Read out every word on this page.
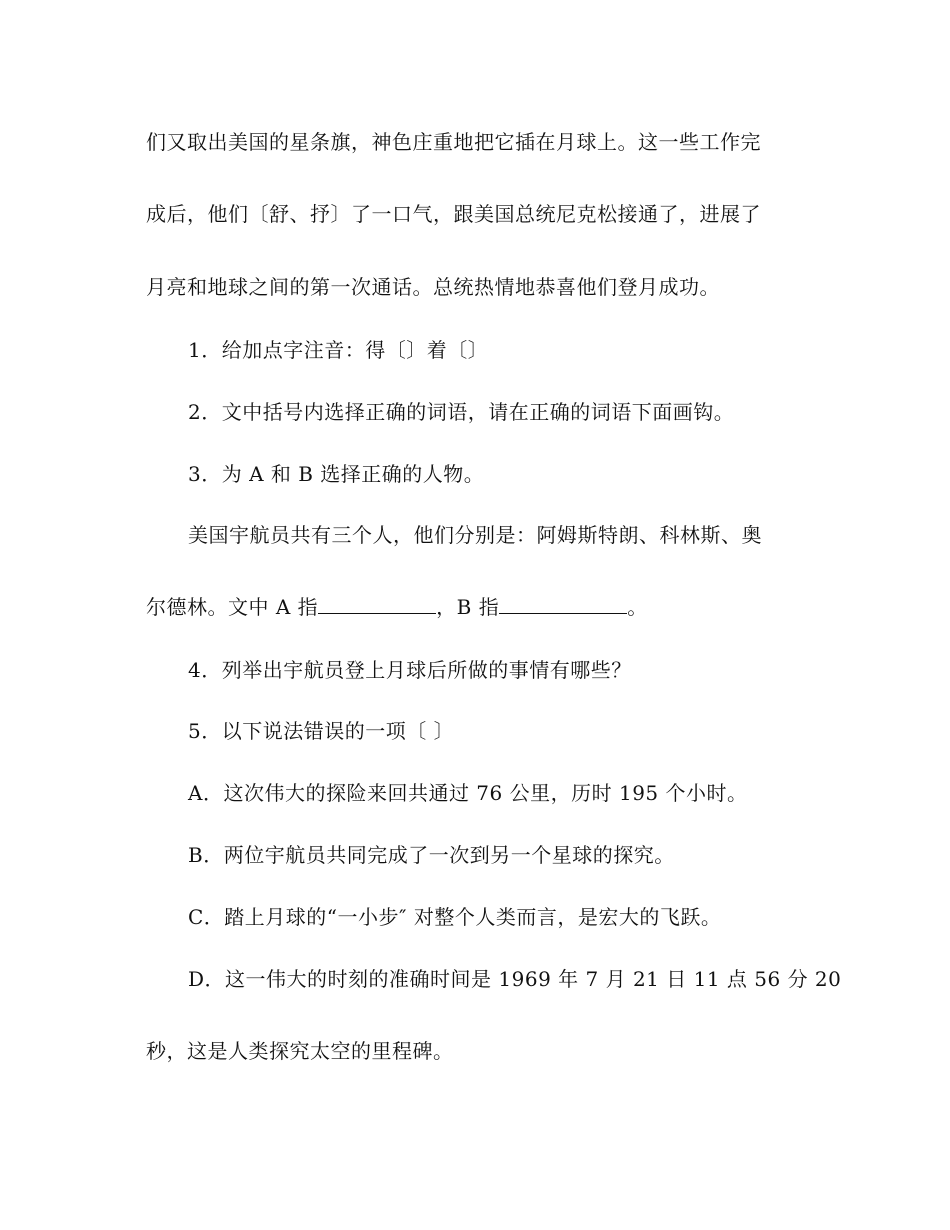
们又取出美国的星条旗，神色庄重地把它插在月球上。这一些工作完
成后，他们〔舒、抒〕了一口气，跟美国总统尼克松接通了，进展了
月亮和地球之间的第一次通话。总统热情地恭喜他们登月成功。
1．给加点字注音：得〔〕着〔〕
2．文中括号内选择正确的词语，请在正确的词语下面画钩。
3．为 A 和 B 选择正确的人物。
美国宇航员共有三个人，他们分别是：阿姆斯特朗、科林斯、奥
尔德林。文中 A 指	，B 指	。
4．列举出宇航员登上月球后所做的事情有哪些？
5．以下说法错误的一项〔 〕
A．这次伟大的探险来回共通过 76 公里，历时 195 个小时。
B．两位宇航员共同完成了一次到另一个星球的探究。
C．踏上月球的“一小步″ 对整个人类而言，是宏大的飞跃。
D．这一伟大的时刻的准确时间是 1969 年 7 月 21 日 11 点 56 分 20
秒，这是人类探究太空的里程碑。
